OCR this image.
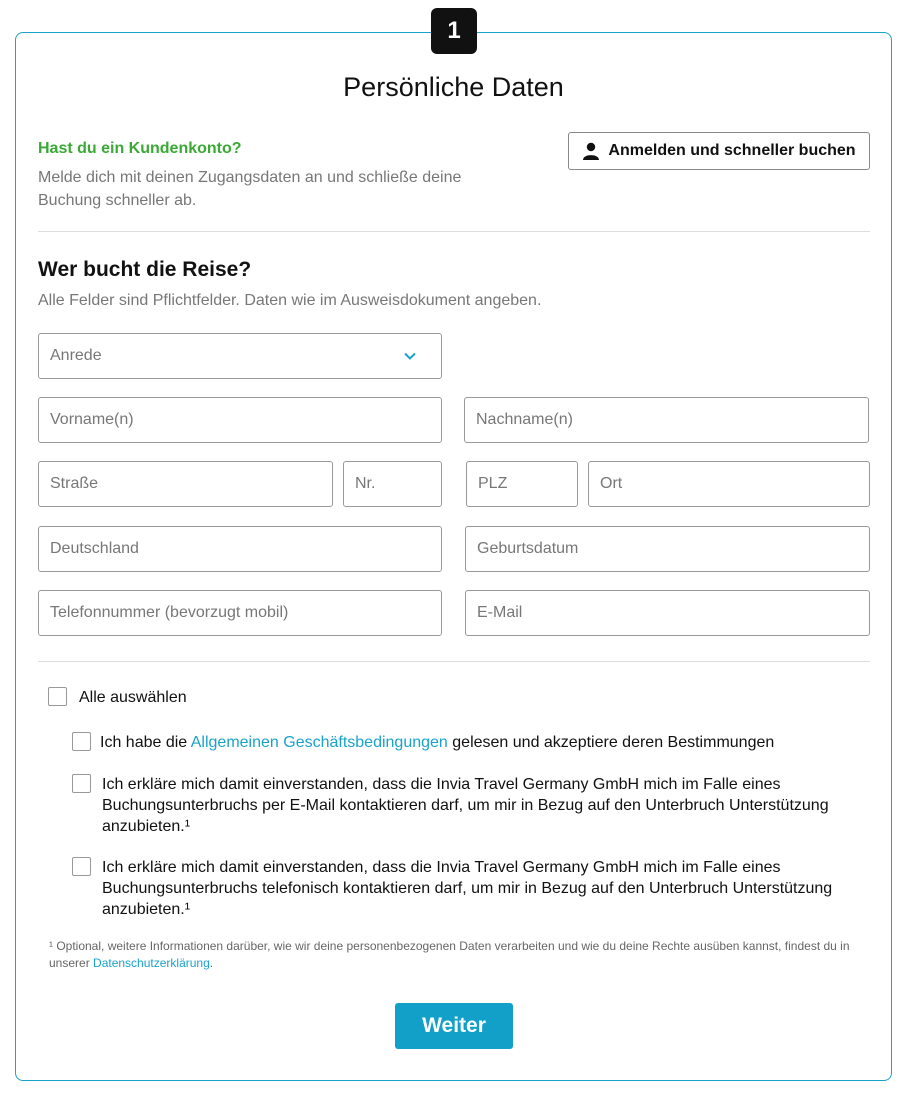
1
Persönliche Daten
Hast du ein Kundenkonto?
Melde dich mit deinen Zugangsdaten an und schließe deine Buchung schneller ab.
Anmelden und schneller buchen
Wer bucht die Reise?
Alle Felder sind Pflichtfelder. Daten wie im Ausweisdokument angeben.
Anrede
Vorname(n)	Nachname(n)
Straße	Nr.	PLZ	Ort
Deutschland	Geburtsdatum
Telefonnummer (bevorzugt mobil)	E-Mail
Alle auswählen
Ich habe die Allgemeinen Geschäftsbedingungen gelesen und akzeptiere deren Bestimmungen
Ich erkläre mich damit einverstanden, dass die Invia Travel Germany GmbH mich im Falle eines Buchungsunterbruchs per E-Mail kontaktieren darf, um mir in Bezug auf den Unterbruch Unterstützung anzubieten.¹
Ich erkläre mich damit einverstanden, dass die Invia Travel Germany GmbH mich im Falle eines Buchungsunterbruchs telefonisch kontaktieren darf, um mir in Bezug auf den Unterbruch Unterstützung anzubieten.¹
¹ Optional, weitere Informationen darüber, wie wir deine personenbezogenen Daten verarbeiten und wie du deine Rechte ausüben kannst, findest du in unserer Datenschutzerklärung.
Weiter
